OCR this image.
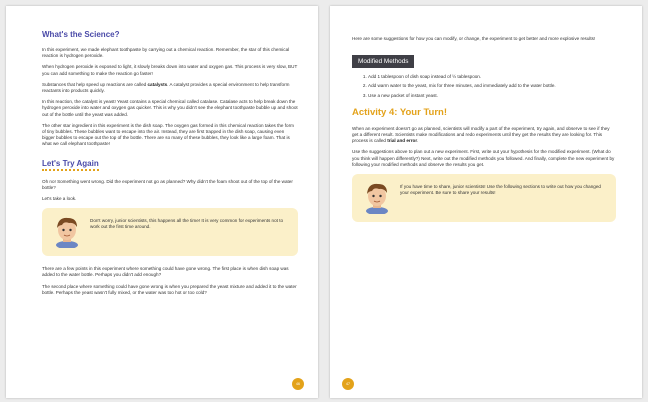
What's the Science?

In this experiment, we made elephant toothpaste by carrying out a chemical reaction. Remember, the star of this chemical reaction is hydrogen peroxide.

When hydrogen peroxide is exposed to light, it slowly breaks down into water and oxygen gas. This process is very slow, BUT you can add something to make the reaction go faster!

Substances that help speed up reactions are called catalysts. A catalyst provides a special environment to help transform reactants into products quickly.

In this reaction, the catalyst is yeast! Yeast contains a special chemical called catalase. Catalase acts to help break down the hydrogen peroxide into water and oxygen gas quicker. This is why you didn't see the elephant toothpaste bubble up and shoot out of the bottle until the yeast was added.

The other star ingredient in this experiment is the dish soap. The oxygen gas formed in this chemical reaction takes the form of tiny bubbles. These bubbles want to escape into the air. Instead, they are first trapped in the dish soap, causing even bigger bubbles to escape out the top of the bottle. There are so many of these bubbles, they look like a large foam. That is what we call elephant toothpaste!

Let's Try Again

Oh no! Something went wrong. Did the experiment not go as planned? Why didn't the foam shoot out of the top of the water bottle?

Let's take a look.

Don't worry, junior scientists, this happens all the time! It is very common for experiments not to work out the first time around.

There are a few points in this experiment where something could have gone wrong. The first place is when dish soap was added to the water bottle. Perhaps you didn't add enough?

The second place where something could have gone wrong is when you prepared the yeast mixture and added it to the water bottle. Perhaps the yeast wasn't fully mixed, or the water was too hot or too cold?

46

Here are some suggestions for how you can modify, or change, the experiment to get better and more explosive results!

Modified Methods
1. Add 1 tablespoon of dish soap instead of ½ tablespoon.
2. Add warm water to the yeast, mix for three minutes, and immediately add to the water bottle.
3. Use a new packet of instant yeast.
Activity 4: Your Turn!

When an experiment doesn't go as planned, scientists will modify a part of the experiment, try again, and observe to see if they get a different result. Scientists make modifications and redo experiments until they get the results they are looking for. This process is called trial and error.

Use the suggestions above to plan out a new experiment. First, write out your hypothesis for the modified experiment. (What do you think will happen differently?) Next, write out the modified methods you followed. And finally, complete the new experiment by following your modified methods and observe the results you get.

If you have time to share, junior scientists! Use the following sections to write out how you changed your experiment. Be sure to share your results!

47
